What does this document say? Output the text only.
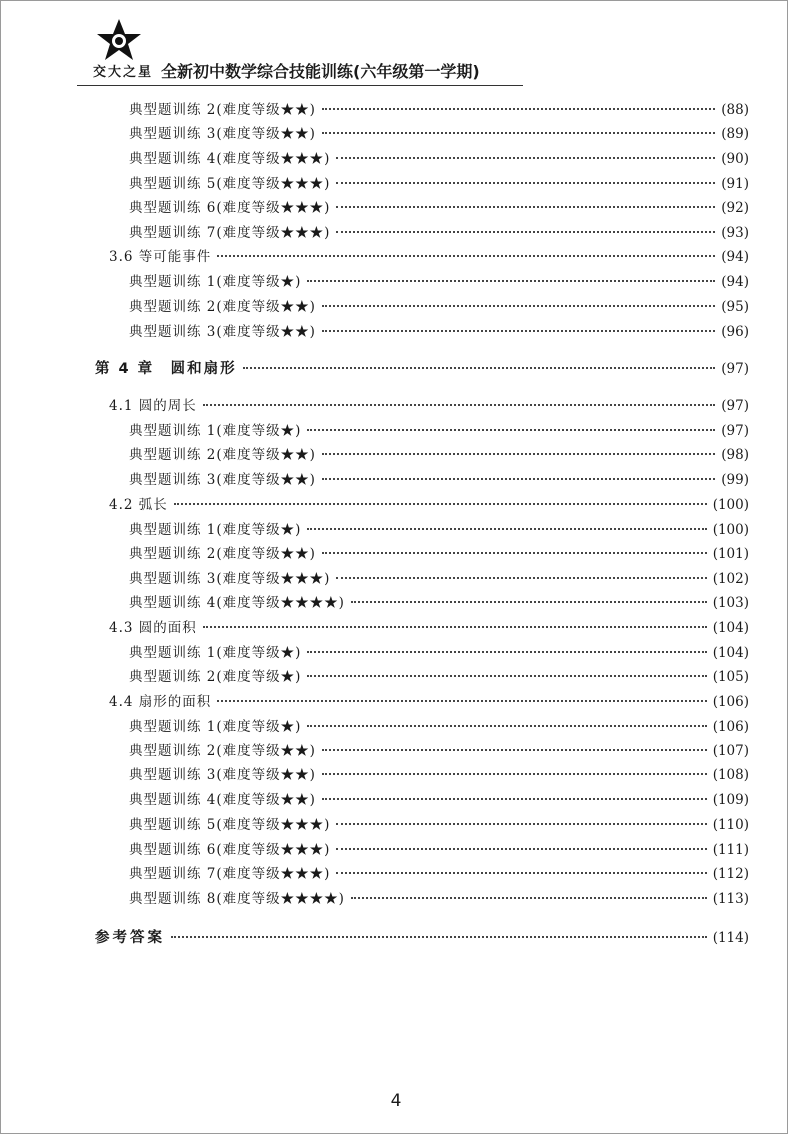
交大之星 全新初中数学综合技能训练(六年级第一学期)
典型题训练 2(难度等级★★)	(88)
典型题训练 3(难度等级★★)	(89)
典型题训练 4(难度等级★★★)	(90)
典型题训练 5(难度等级★★★)	(91)
典型题训练 6(难度等级★★★)	(92)
典型题训练 7(难度等级★★★)	(93)
3.6 等可能事件	(94)
典型题训练 1(难度等级★)	(94)
典型题训练 2(难度等级★★)	(95)
典型题训练 3(难度等级★★)	(96)
第 4 章　圆和扇形	(97)
4.1 圆的周长	(97)
典型题训练 1(难度等级★)	(97)
典型题训练 2(难度等级★★)	(98)
典型题训练 3(难度等级★★)	(99)
4.2 弧长	(100)
典型题训练 1(难度等级★)	(100)
典型题训练 2(难度等级★★)	(101)
典型题训练 3(难度等级★★★)	(102)
典型题训练 4(难度等级★★★★)	(103)
4.3 圆的面积	(104)
典型题训练 1(难度等级★)	(104)
典型题训练 2(难度等级★)	(105)
4.4 扇形的面积	(106)
典型题训练 1(难度等级★)	(106)
典型题训练 2(难度等级★★)	(107)
典型题训练 3(难度等级★★)	(108)
典型题训练 4(难度等级★★)	(109)
典型题训练 5(难度等级★★★)	(110)
典型题训练 6(难度等级★★★)	(111)
典型题训练 7(难度等级★★★)	(112)
典型题训练 8(难度等级★★★★)	(113)
参考答案	(114)
4
